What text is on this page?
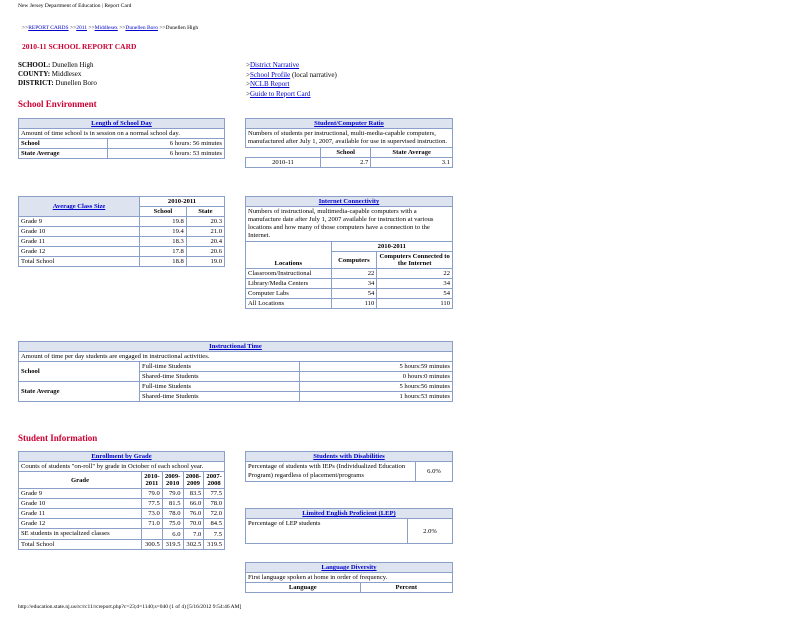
New Jersey Department of Education | Report Card
>>REPORT CARDS >>2011 >>Middlesex >>Dunellen Boro >>Dunellen High
2010-11 SCHOOL REPORT CARD
SCHOOL: Dunellen High
COUNTY: Middlesex
DISTRICT: Dunellen Boro
>District Narrative
>School Profile (local narrative)
>NCLB Report
>Guide to Report Card
School Environment
Length of School Day	
Amount of time school is in session on a normal school day.	
School	6 hours: 56 minutes
State Average	6 hours: 53 minutes
Student/Computer Ratio		
Numbers of students per instructional, multi-media-capable computers, manufactured after July 1, 2007, available for use in supervised instruction.		
	School	State Average
2010-11	2.7	3.1
Average Class Size	2010-2011	
	School	State
Grade 9	19.8	20.3
Grade 10	19.4	21.0
Grade 11	18.3	20.4
Grade 12	17.8	20.6
Total School	18.8	19.0
Internet Connectivity		
Numbers of instructional, multimedia-capable computers with a manufacture date after July 1, 2007 available for instruction at various locations and how many of those computers have a connection to the Internet.		
Locations	2010-2011	
	Computers	Computers Connected to the Internet
Classroom/Instructional	22	22
Library/Media Centers	34	34
Computer Labs	54	54
All Locations	110	110
Instructional Time		
Amount of time per day students are engaged in instructional activities.		
School	Full-time Students	5 hours:59 minutes
	Shared-time Students	0 hours:0 minutes
State Average	Full-time Students	5 hours:56 minutes
	Shared-time Students	1 hours:53 minutes
Student Information
Enrollment by Grade				
Counts of students "on-roll" by grade in October of each school year.				
Grade	2010-2011	2009-2010	2008-2009	2007-2008
Grade 9	79.0	79.0	83.5	77.5
Grade 10	77.5	81.5	66.0	78.0
Grade 11	73.0	78.0	76.0	72.0
Grade 12	71.0	75.0	70.0	84.5
SE students in specialized classes		6.0	7.0	7.5
Total School	300.5	319.5	302.5	319.5
Students with Disabilities
Percentage of students with IEPs (Individualized Education Program) regardless of placement/programs	6.0%
Limited English Proficient (LEP)
Percentage of LEP students	2.0%
Language Diversity
First language spoken at home in order of frequency.
Language	Percent
http://education.state.nj.us/rc/rc11/rcreport.php?c=23;d=1140;s=040 (1 of 4) [5/16/2012 9:54:46 AM]
